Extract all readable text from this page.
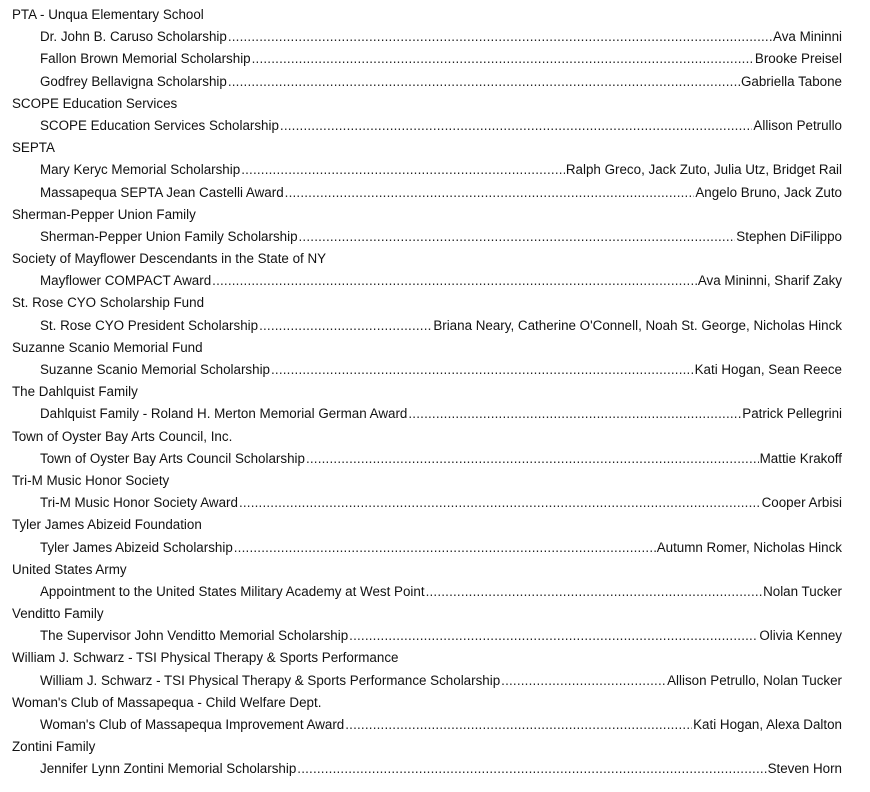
PTA - Unqua Elementary School
Dr. John B. Caruso Scholarship .....	Ava Mininni
Fallon Brown Memorial Scholarship .....	Brooke Preisel
Godfrey Bellavigna Scholarship .....	Gabriella Tabone
SCOPE Education Services
SCOPE Education Services Scholarship .....	Allison Petrullo
SEPTA
Mary Keryc Memorial Scholarship .....	Ralph Greco, Jack Zuto, Julia Utz, Bridget Rail
Massapequa SEPTA Jean Castelli Award .....	Angelo Bruno, Jack Zuto
Sherman-Pepper Union Family
Sherman-Pepper Union Family Scholarship .....	Stephen DiFilippo
Society of Mayflower Descendants in the State of NY
Mayflower COMPACT Award .....	Ava Mininni, Sharif Zaky
St. Rose CYO Scholarship Fund
St. Rose CYO President Scholarship .....	Briana Neary, Catherine O'Connell, Noah St. George, Nicholas Hinck
Suzanne Scanio Memorial Fund
Suzanne Scanio Memorial Scholarship .....	Kati Hogan, Sean Reece
The Dahlquist Family
Dahlquist Family - Roland H. Merton Memorial German Award .....	Patrick Pellegrini
Town of Oyster Bay Arts Council, Inc.
Town of Oyster Bay Arts Council Scholarship .....	Mattie Krakoff
Tri-M Music Honor Society
Tri-M Music Honor Society Award .....	Cooper Arbisi
Tyler James Abizeid Foundation
Tyler James Abizeid Scholarship .....	Autumn Romer, Nicholas Hinck
United States Army
Appointment to the United States Military Academy at West Point .....	Nolan Tucker
Venditto Family
The Supervisor John Venditto Memorial Scholarship .....	Olivia Kenney
William J. Schwarz - TSI Physical Therapy & Sports Performance
William J. Schwarz - TSI Physical Therapy & Sports Performance Scholarship .....	Allison Petrullo, Nolan Tucker
Woman's Club of Massapequa - Child Welfare Dept.
Woman's Club of Massapequa Improvement Award .....	Kati Hogan, Alexa Dalton
Zontini Family
Jennifer Lynn Zontini Memorial Scholarship .....	Steven Horn
